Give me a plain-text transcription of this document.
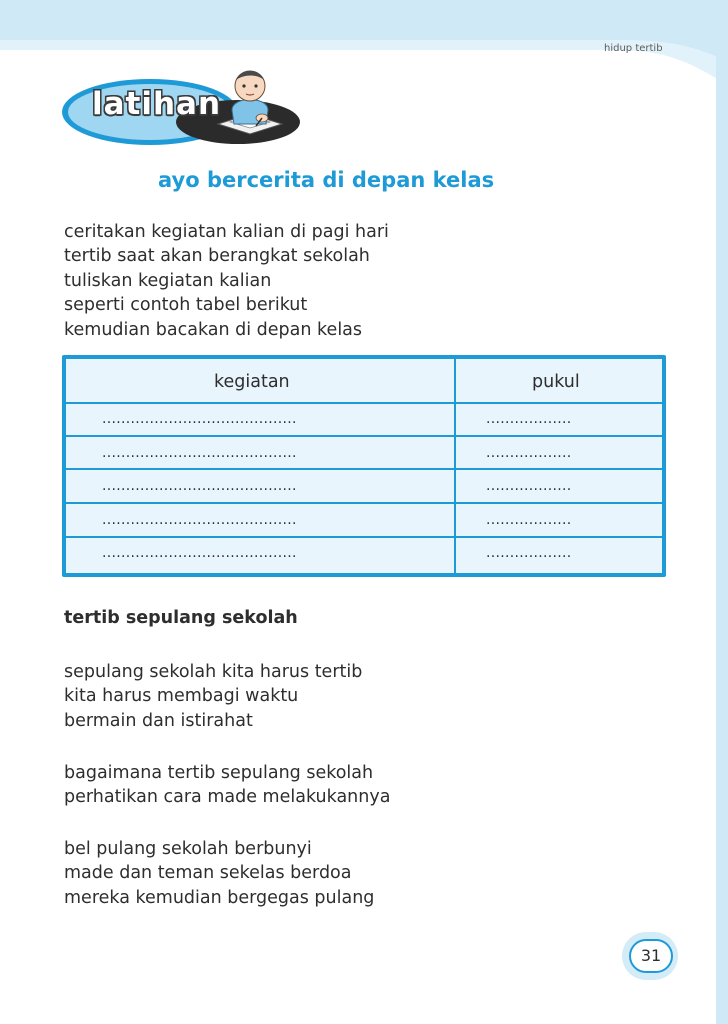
hidup tertib
latihan
ayo bercerita di depan kelas
ceritakan kegiatan kalian di pagi hari
tertib saat akan berangkat sekolah
tuliskan kegiatan kalian
seperti contoh tabel berikut
kemudian bacakan di depan kelas
kegiatan	pukul
.........................................	..................
.........................................	..................
.........................................	..................
.........................................	..................
.........................................	..................
tertib sepulang sekolah
sepulang sekolah kita harus tertib
kita harus membagi waktu
bermain dan istirahat
bagaimana tertib sepulang sekolah
perhatikan cara made melakukannya
bel pulang sekolah berbunyi
made dan teman sekelas berdoa
mereka kemudian bergegas pulang
31
